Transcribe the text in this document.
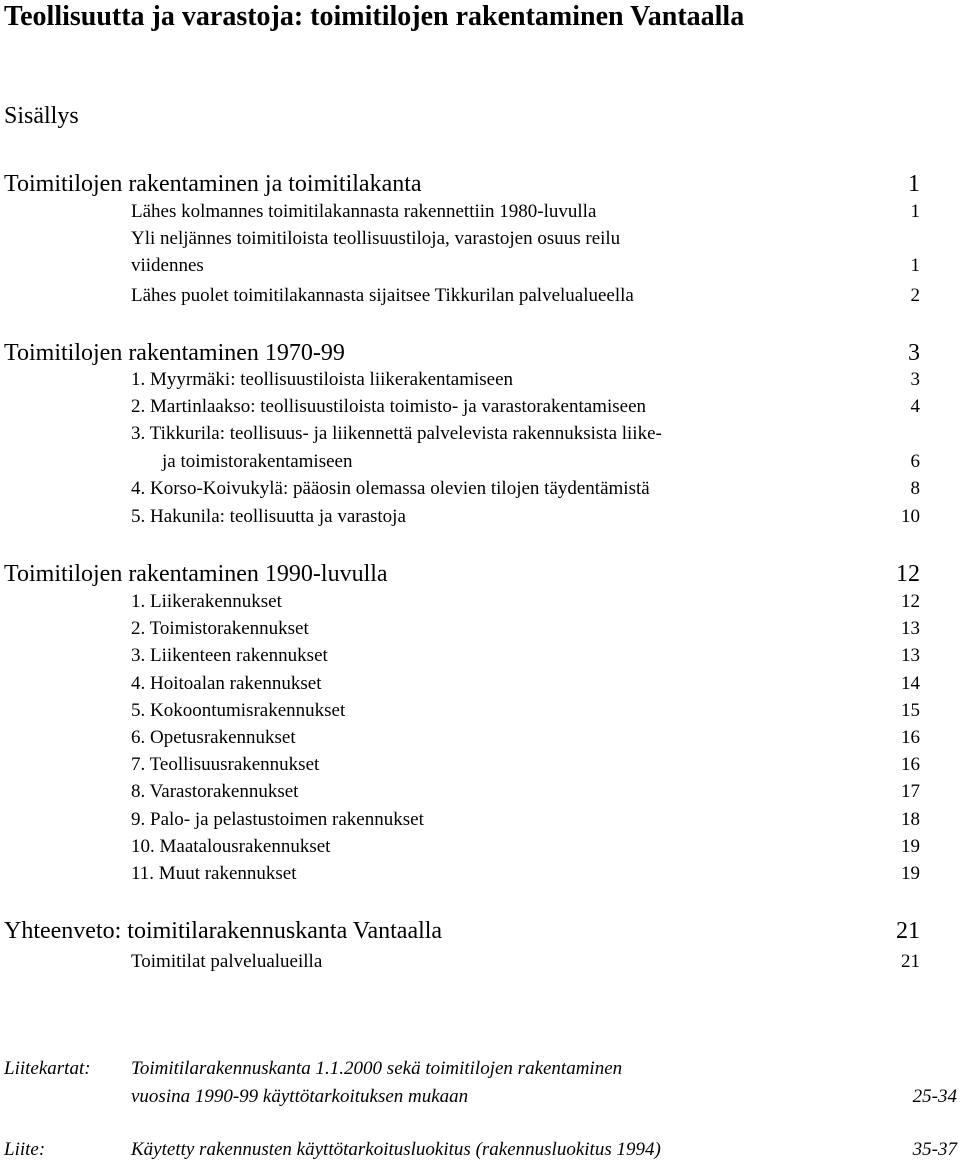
Teollisuutta ja varastoja: toimitilojen rakentaminen Vantaalla
Sisällys
Toimitilojen rakentaminen ja toimitilakanta	1
Lähes kolmannes toimitilakannasta rakennettiin 1980-luvulla	1
Yli neljännes toimitiloista teollisuustiloja, varastojen osuus reilu
viidennes	1
Lähes puolet toimitilakannasta sijaitsee Tikkurilan palvelualueella	2
Toimitilojen rakentaminen 1970-99	3
1. Myyrmäki: teollisuustiloista liikerakentamiseen	3
2. Martinlaakso: teollisuustiloista toimisto- ja varastorakentamiseen	4
3. Tikkurila: teollisuus- ja liikennettä palvelevista rakennuksista liike-
ja toimistorakentamiseen	6
4. Korso-Koivukylä: pääosin olemassa olevien tilojen täydentämistä	8
5. Hakunila: teollisuutta ja varastoja	10
Toimitilojen rakentaminen 1990-luvulla	12
1. Liikerakennukset	12
2. Toimistorakennukset	13
3. Liikenteen rakennukset	13
4. Hoitoalan rakennukset	14
5. Kokoontumisrakennukset	15
6. Opetusrakennukset	16
7. Teollisuusrakennukset	16
8. Varastorakennukset	17
9. Palo- ja pelastustoimen rakennukset	18
10. Maatalousrakennukset	19
11. Muut rakennukset	19
Yhteenveto: toimitilarakennuskanta Vantaalla	21
Toimitilat palvelualueilla	21
Liitekartat: Toimitilarakennuskanta 1.1.2000 sekä toimitilojen rakentaminen
vuosina 1990-99 käyttötarkoituksen mukaan	25-34
Liite:	Käytetty rakennusten käyttötarkoitusluokitus (rakennusluokitus 1994)	35-37
